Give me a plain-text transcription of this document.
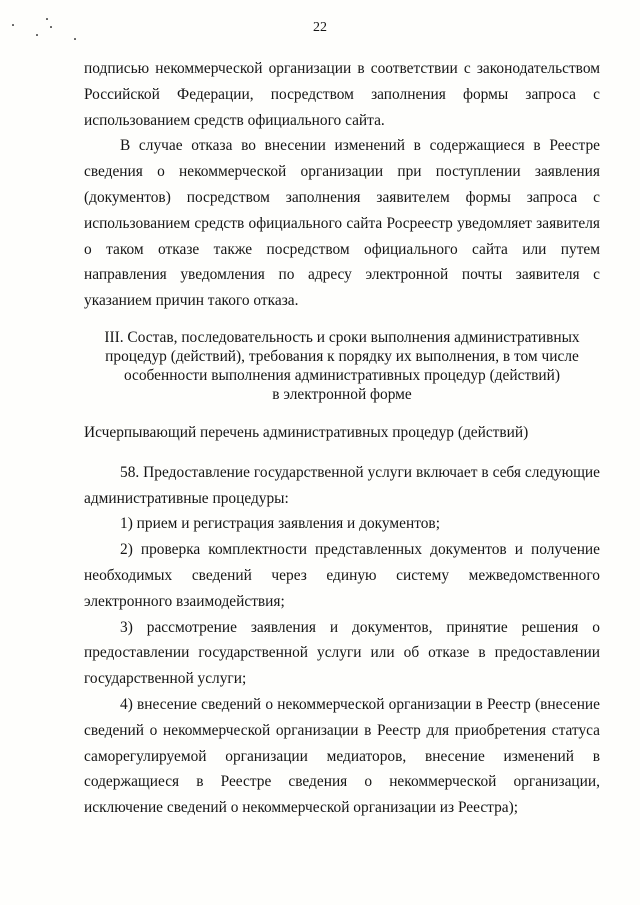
22

подписью некоммерческой организации в соответствии с законодательством Российской Федерации, посредством заполнения формы запроса с использованием средств официального сайта.

В случае отказа во внесении изменений в содержащиеся в Реестре сведения о некоммерческой организации при поступлении заявления (документов) посредством заполнения заявителем формы запроса с использованием средств официального сайта Росреестр уведомляет заявителя о таком отказе также посредством официального сайта или путем направления уведомления по адресу электронной почты заявителя с указанием причин такого отказа.

III. Состав, последовательность и сроки выполнения административных
процедур (действий), требования к порядку их выполнения, в том числе
особенности выполнения административных процедур (действий)
в электронной форме

Исчерпывающий перечень административных процедур (действий)

58. Предоставление государственной услуги включает в себя следующие административные процедуры:

1) прием и регистрация заявления и документов;

2) проверка комплектности представленных документов и получение необходимых сведений через единую систему межведомственного электронного взаимодействия;

3) рассмотрение заявления и документов, принятие решения о предоставлении государственной услуги или об отказе в предоставлении государственной услуги;

4) внесение сведений о некоммерческой организации в Реестр (внесение сведений о некоммерческой организации в Реестр для приобретения статуса саморегулируемой организации медиаторов, внесение изменений в содержащиеся в Реестре сведения о некоммерческой организации, исключение сведений о некоммерческой организации из Реестра);
